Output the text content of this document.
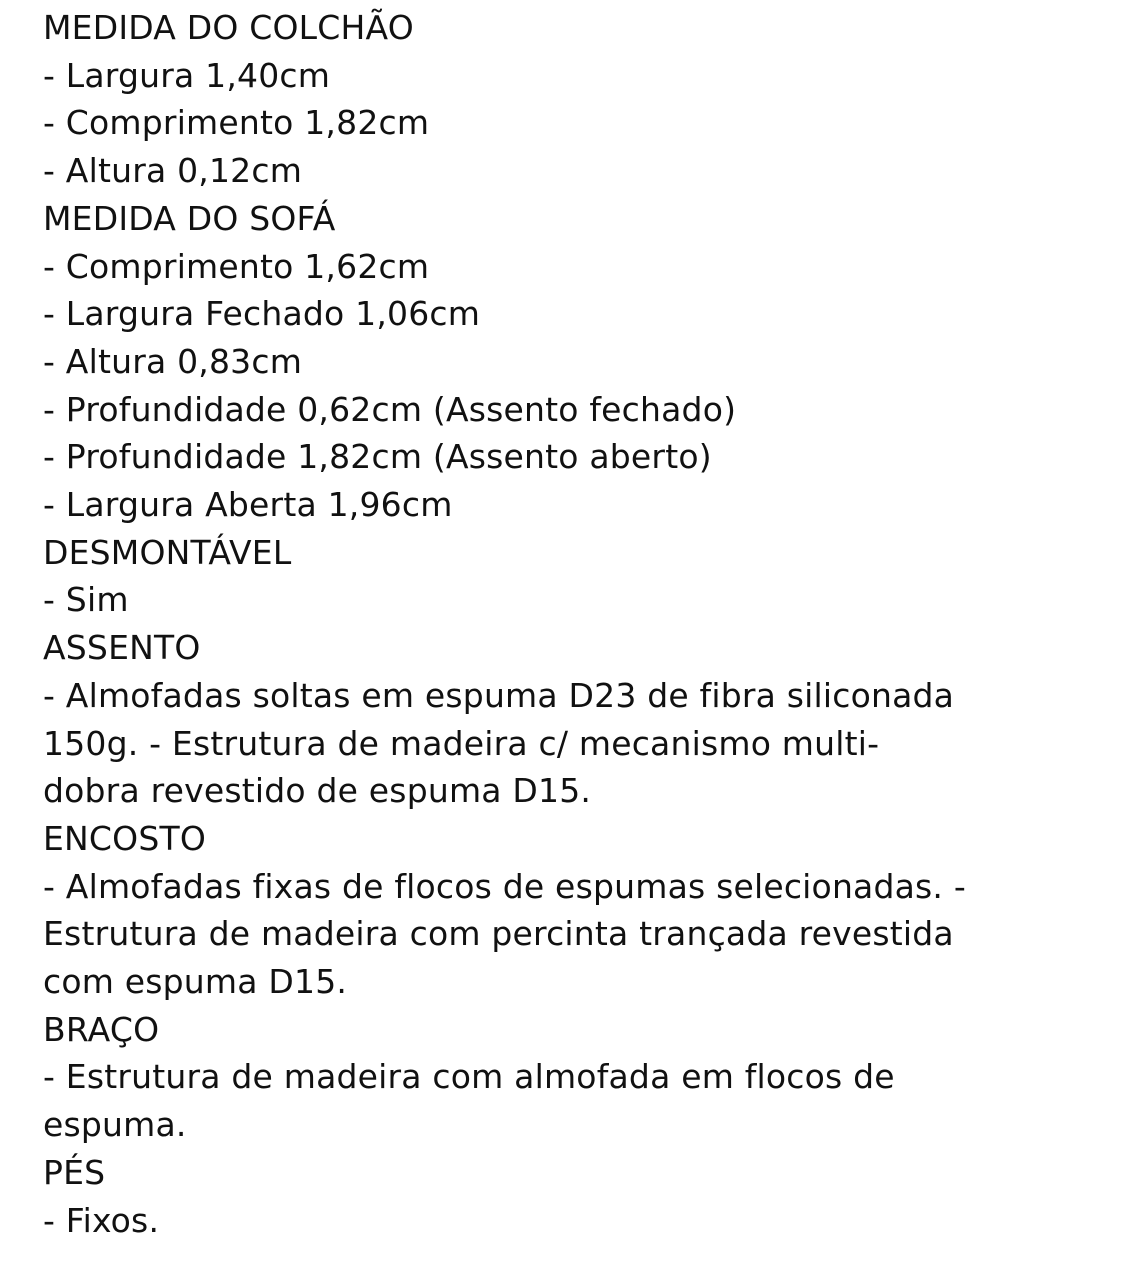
MEDIDA DO COLCHÃO
- Largura 1,40cm
- Comprimento 1,82cm
- Altura 0,12cm
MEDIDA DO SOFÁ
- Comprimento 1,62cm
- Largura Fechado 1,06cm
- Altura 0,83cm
- Profundidade 0,62cm (Assento fechado)
- Profundidade 1,82cm (Assento aberto)
- Largura Aberta 1,96cm
DESMONTÁVEL
- Sim
ASSENTO
- Almofadas soltas em espuma D23 de fibra siliconada
150g. - Estrutura de madeira c/ mecanismo multi-
dobra revestido de espuma D15.
ENCOSTO
- Almofadas fixas de flocos de espumas selecionadas. -
Estrutura de madeira com percinta trançada revestida
com espuma D15.
BRAÇO
- Estrutura de madeira com almofada em flocos de
espuma.
PÉS
- Fixos.
